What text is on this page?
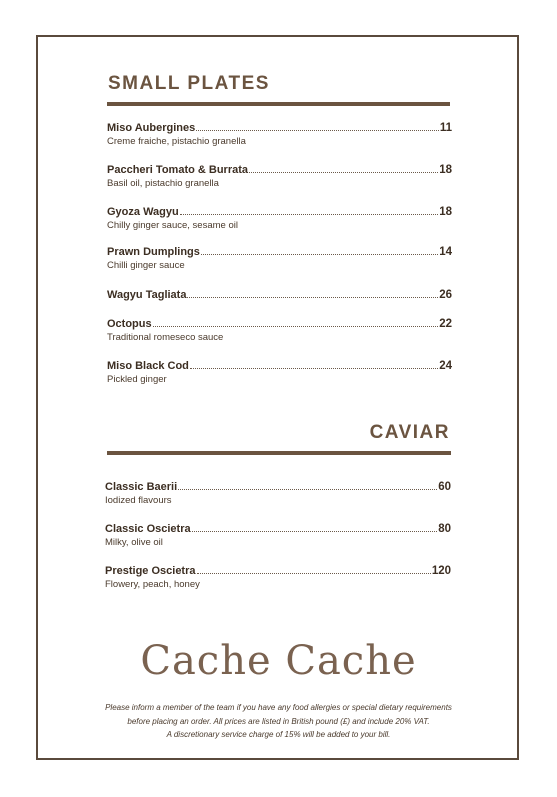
SMALL PLATES
Miso Aubergines	11
Creme fraiche, pistachio granella
Paccheri Tomato & Burrata	18
Basil oil, pistachio granella
Gyoza Wagyu	18
Chilly ginger sauce, sesame oil
Prawn Dumplings	14
Chilli ginger sauce
Wagyu Tagliata	26
Octopus	22
Traditional romeseco sauce
Miso Black Cod	24
Pickled ginger
CAVIAR
Classic Baerii	60
Iodized flavours
Classic Oscietra	80
Milky, olive oil
Prestige Oscietra	120
Flowery, peach, honey
Cache Cache
Please inform a member of the team if you have any food allergies or special dietary requirements
before placing an order. All prices are listed in British pound (£) and include 20% VAT.
A discretionary service charge of 15% will be added to your bill.
